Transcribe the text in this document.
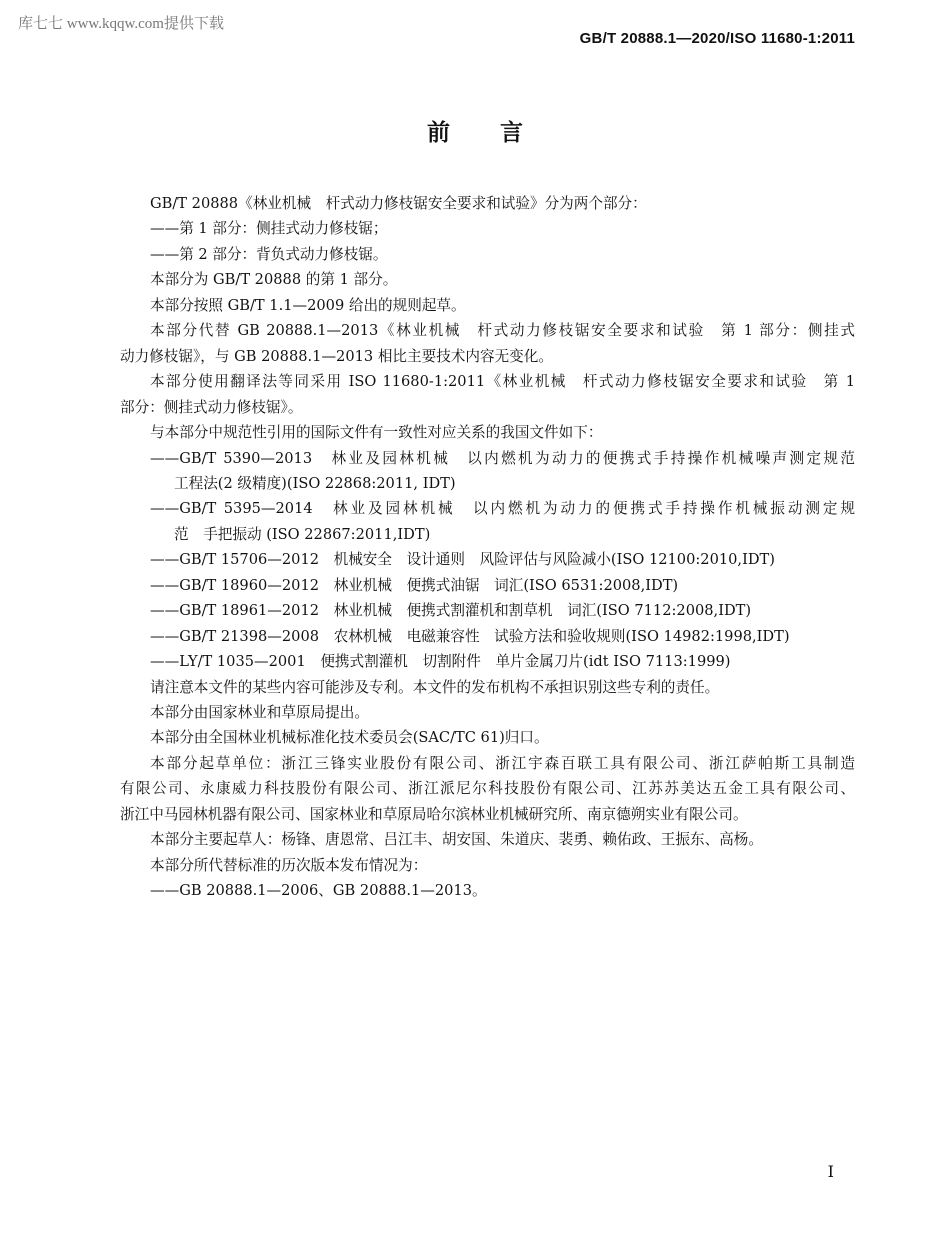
库七七 www.kqqw.com提供下载
GB/T 20888.1—2020/ISO 11680-1:2011
前言
GB/T 20888《林业机械　杆式动力修枝锯安全要求和试验》分为两个部分：
——第 1 部分：侧挂式动力修枝锯；
——第 2 部分：背负式动力修枝锯。
本部分为 GB/T 20888 的第 1 部分。
本部分按照 GB/T 1.1—2009 给出的规则起草。
本部分代替 GB 20888.1—2013《林业机械　杆式动力修枝锯安全要求和试验　第 1 部分：侧挂式
动力修枝锯》，与 GB 20888.1—2013 相比主要技术内容无变化。
本部分使用翻译法等同采用 ISO 11680-1:2011《林业机械　杆式动力修枝锯安全要求和试验　第 1
部分：侧挂式动力修枝锯》。
与本部分中规范性引用的国际文件有一致性对应关系的我国文件如下：
——GB/T 5390—2013　林业及园林机械　以内燃机为动力的便携式手持操作机械噪声测定规范
工程法(2 级精度)(ISO 22868:2011, IDT)
——GB/T 5395—2014　林业及园林机械　以内燃机为动力的便携式手持操作机械振动测定规
范　手把振动 (ISO 22867:2011,IDT)
——GB/T 15706—2012　机械安全　设计通则　风险评估与风险减小(ISO 12100:2010,IDT)
——GB/T 18960—2012　林业机械　便携式油锯　词汇(ISO 6531:2008,IDT)
——GB/T 18961—2012　林业机械　便携式割灌机和割草机　词汇(ISO 7112:2008,IDT)
——GB/T 21398—2008　农林机械　电磁兼容性　试验方法和验收规则(ISO 14982:1998,IDT)
——LY/T 1035—2001　便携式割灌机　切割附件　单片金属刀片(idt ISO 7113:1999)
请注意本文件的某些内容可能涉及专利。本文件的发布机构不承担识别这些专利的责任。
本部分由国家林业和草原局提出。
本部分由全国林业机械标准化技术委员会(SAC/TC 61)归口。
本部分起草单位：浙江三锋实业股份有限公司、浙江宇森百联工具有限公司、浙江萨帕斯工具制造
有限公司、永康威力科技股份有限公司、浙江派尼尔科技股份有限公司、江苏苏美达五金工具有限公司、
浙江中马园林机器有限公司、国家林业和草原局哈尔滨林业机械研究所、南京德朔实业有限公司。
本部分主要起草人：杨锋、唐恩常、吕江丰、胡安国、朱道庆、裴勇、赖佑政、王振东、高杨。
本部分所代替标准的历次版本发布情况为：
——GB 20888.1—2006、GB 20888.1—2013。
I
